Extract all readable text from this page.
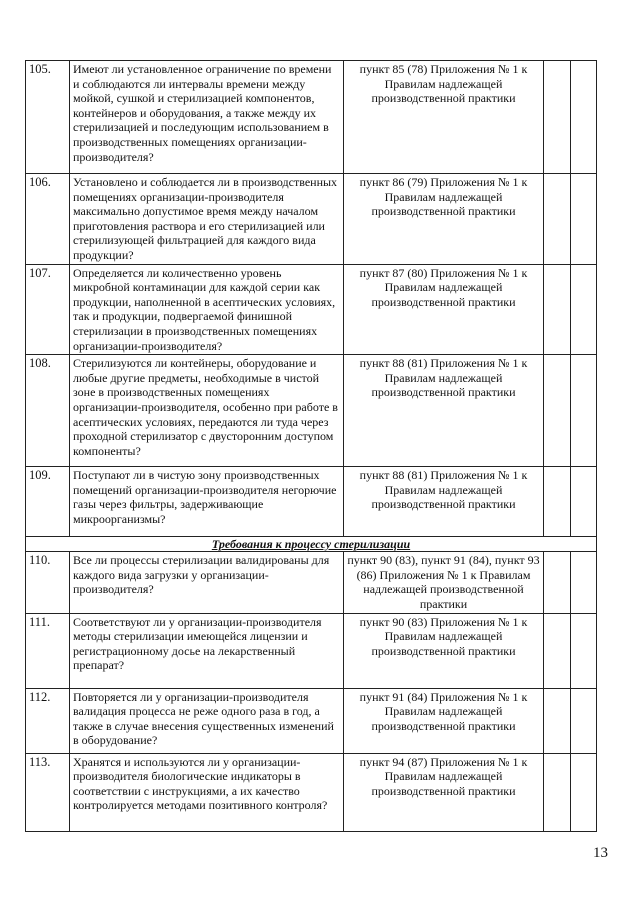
105.	Имеют ли установленное ограничение по времени и соблюдаются ли интервалы времени между мойкой, сушкой и стерилизацией компонентов, контейнеров и оборудования, а также между их стерилизацией и последующим использованием в производственных помещениях организации-производителя?	пункт 85 (78) Приложения № 1 к Правилам надлежащей производственной практики		
106.	Установлено и соблюдается ли в производственных помещениях организации-производителя максимально допустимое время между началом приготовления раствора и его стерилизацией или стерилизующей фильтрацией для каждого вида продукции?	пункт 86 (79) Приложения № 1 к Правилам надлежащей производственной практики		
107.	Определяется ли количественно уровень микробной контаминации для каждой серии как продукции, наполненной в асептических условиях, так и продукции, подвергаемой финишной стерилизации в производственных помещениях организации-производителя?	пункт 87 (80) Приложения № 1 к Правилам надлежащей производственной практики		
108.	Стерилизуются ли контейнеры, оборудование и любые другие предметы, необходимые в чистой зоне в производственных помещениях организации-производителя, особенно при работе в асептических условиях, передаются ли туда через проходной стерилизатор с двусторонним доступом компоненты?	пункт 88 (81) Приложения № 1 к Правилам надлежащей производственной практики		
109.	Поступают ли в чистую зону производственных помещений организации-производителя негорючие газы через фильтры, задерживающие микроорганизмы?	пункт 88 (81) Приложения № 1 к Правилам надлежащей производственной практики		
Требования к процессу стерилизации				
110.	Все ли процессы стерилизации валидированы для каждого вида загрузки у организации-производителя?	пункт 90 (83), пункт 91 (84), пункт 93 (86) Приложения № 1 к Правилам надлежащей производственной практики		
111.	Соответствуют ли у организации-производителя методы стерилизации имеющейся лицензии и регистрационному досье на лекарственный препарат?	пункт 90 (83) Приложения № 1 к Правилам надлежащей производственной практики		
112.	Повторяется ли у организации-производителя валидация процесса не реже одного раза в год, а также в случае внесения существенных изменений в оборудование?	пункт 91 (84) Приложения № 1 к Правилам надлежащей производственной практики		
113.	Хранятся и используются ли у организации-производителя биологические индикаторы в соответствии с инструкциями, а их качество контролируется методами позитивного контроля?	пункт 94 (87) Приложения № 1 к Правилам надлежащей производственной практики		
13
